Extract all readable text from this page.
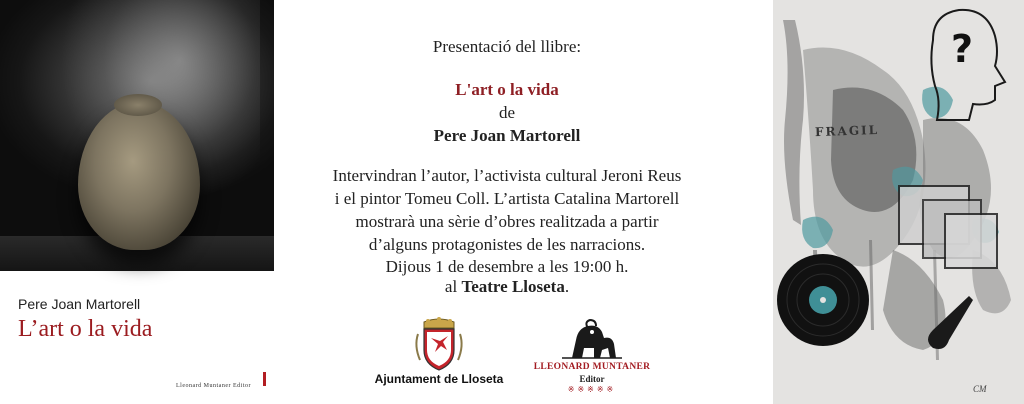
Pere Joan Martorell
L’art o la vida
Lleonard Muntaner Editor
Presentació del llibre:
L'art o la vida
de
Pere Joan Martorell
Intervindran l’autor, l’activista cultural Jeroni Reus
i el pintor Tomeu Coll. L’artista Catalina Martorell
mostrarà una sèrie d’obres realitzada a partir
d’alguns protagonistes de les narracions.
Dijous 1 de desembre a les 19:00 h.
al Teatre Lloseta.
Ajuntament de Lloseta
LLEONARD MUNTANER
Editor
※※※※※
?
FRAGIL
CM
